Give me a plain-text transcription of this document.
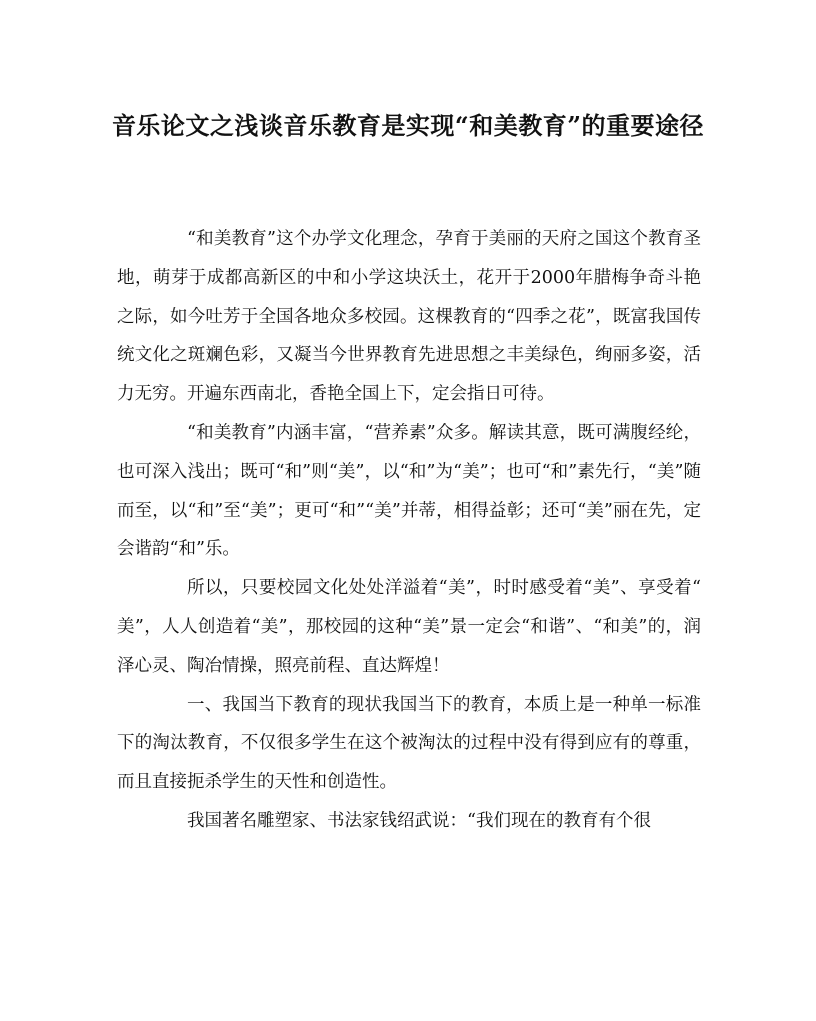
音乐论文之浅谈音乐教育是实现“和美教育”的重要途径

“和美教育”这个办学文化理念，孕育于美丽的天府之国这个教育圣地，萌芽于成都高新区的中和小学这块沃土，花开于2000年腊梅争奇斗艳之际，如今吐芳于全国各地众多校园。这棵教育的“四季之花”，既富我国传统文化之斑斓色彩，又凝当今世界教育先进思想之丰美绿色，绚丽多姿，活力无穷。开遍东西南北，香艳全国上下，定会指日可待。

“和美教育”内涵丰富，“营养素”众多。解读其意，既可满腹经纶，也可深入浅出；既可“和”则“美”，以“和”为“美”；也可“和”素先行，“美”随而至，以“和”至“美”；更可“和”“美”并蒂，相得益彰；还可“美”丽在先，定会谐韵“和”乐。

所以，只要校园文化处处洋溢着“美”，时时感受着“美”、享受着“美”，人人创造着“美”，那校园的这种“美”景一定会“和谐”、“和美”的，润泽心灵、陶冶情操，照亮前程、直达辉煌！

一、我国当下教育的现状我国当下的教育，本质上是一种单一标准下的淘汰教育，不仅很多学生在这个被淘汰的过程中没有得到应有的尊重，而且直接扼杀学生的天性和创造性。

我国著名雕塑家、书法家钱绍武说：“我们现在的教育有个很
